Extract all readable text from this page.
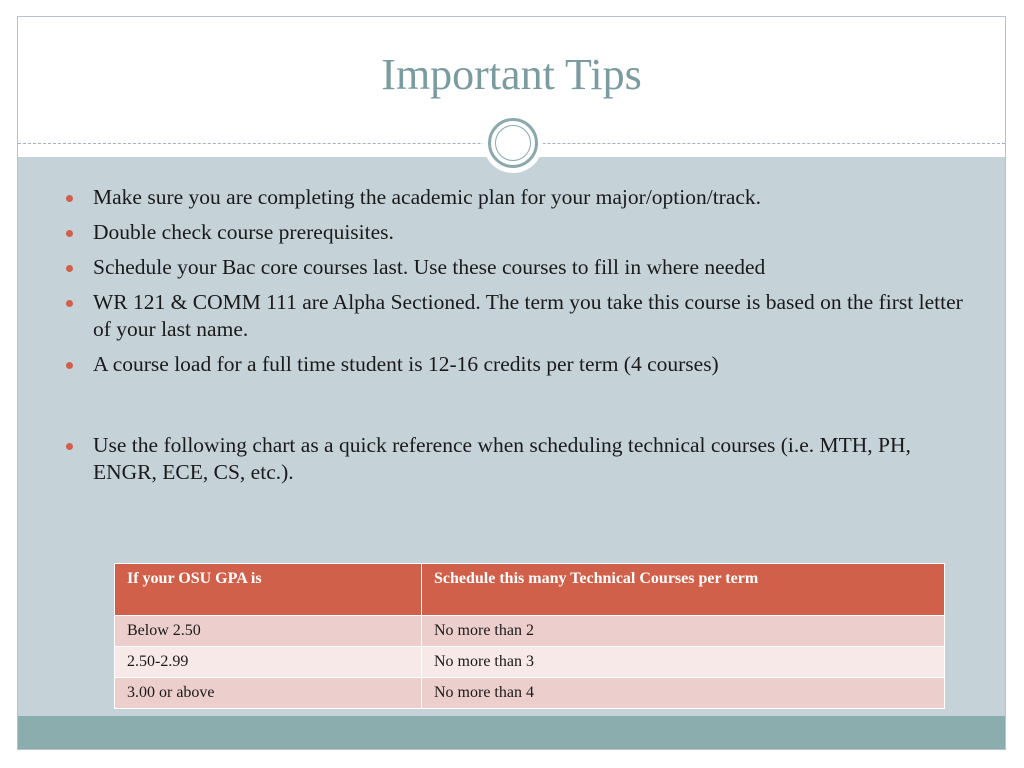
Important Tips
Make sure you are completing the academic plan for your major/option/track.
Double check course prerequisites.
Schedule your Bac core courses last. Use these courses to fill in where needed
WR 121 & COMM 111 are Alpha Sectioned. The term you take this course is based on the first letter of your last name.
A course load for a full time student is 12-16 credits per term (4 courses)
Use the following chart as a quick reference when scheduling technical courses (i.e. MTH, PH, ENGR, ECE, CS, etc.).
If your OSU GPA is	Schedule this many Technical Courses per term
Below 2.50	No more than 2
2.50-2.99	No more than 3
3.00 or above	No more than 4
